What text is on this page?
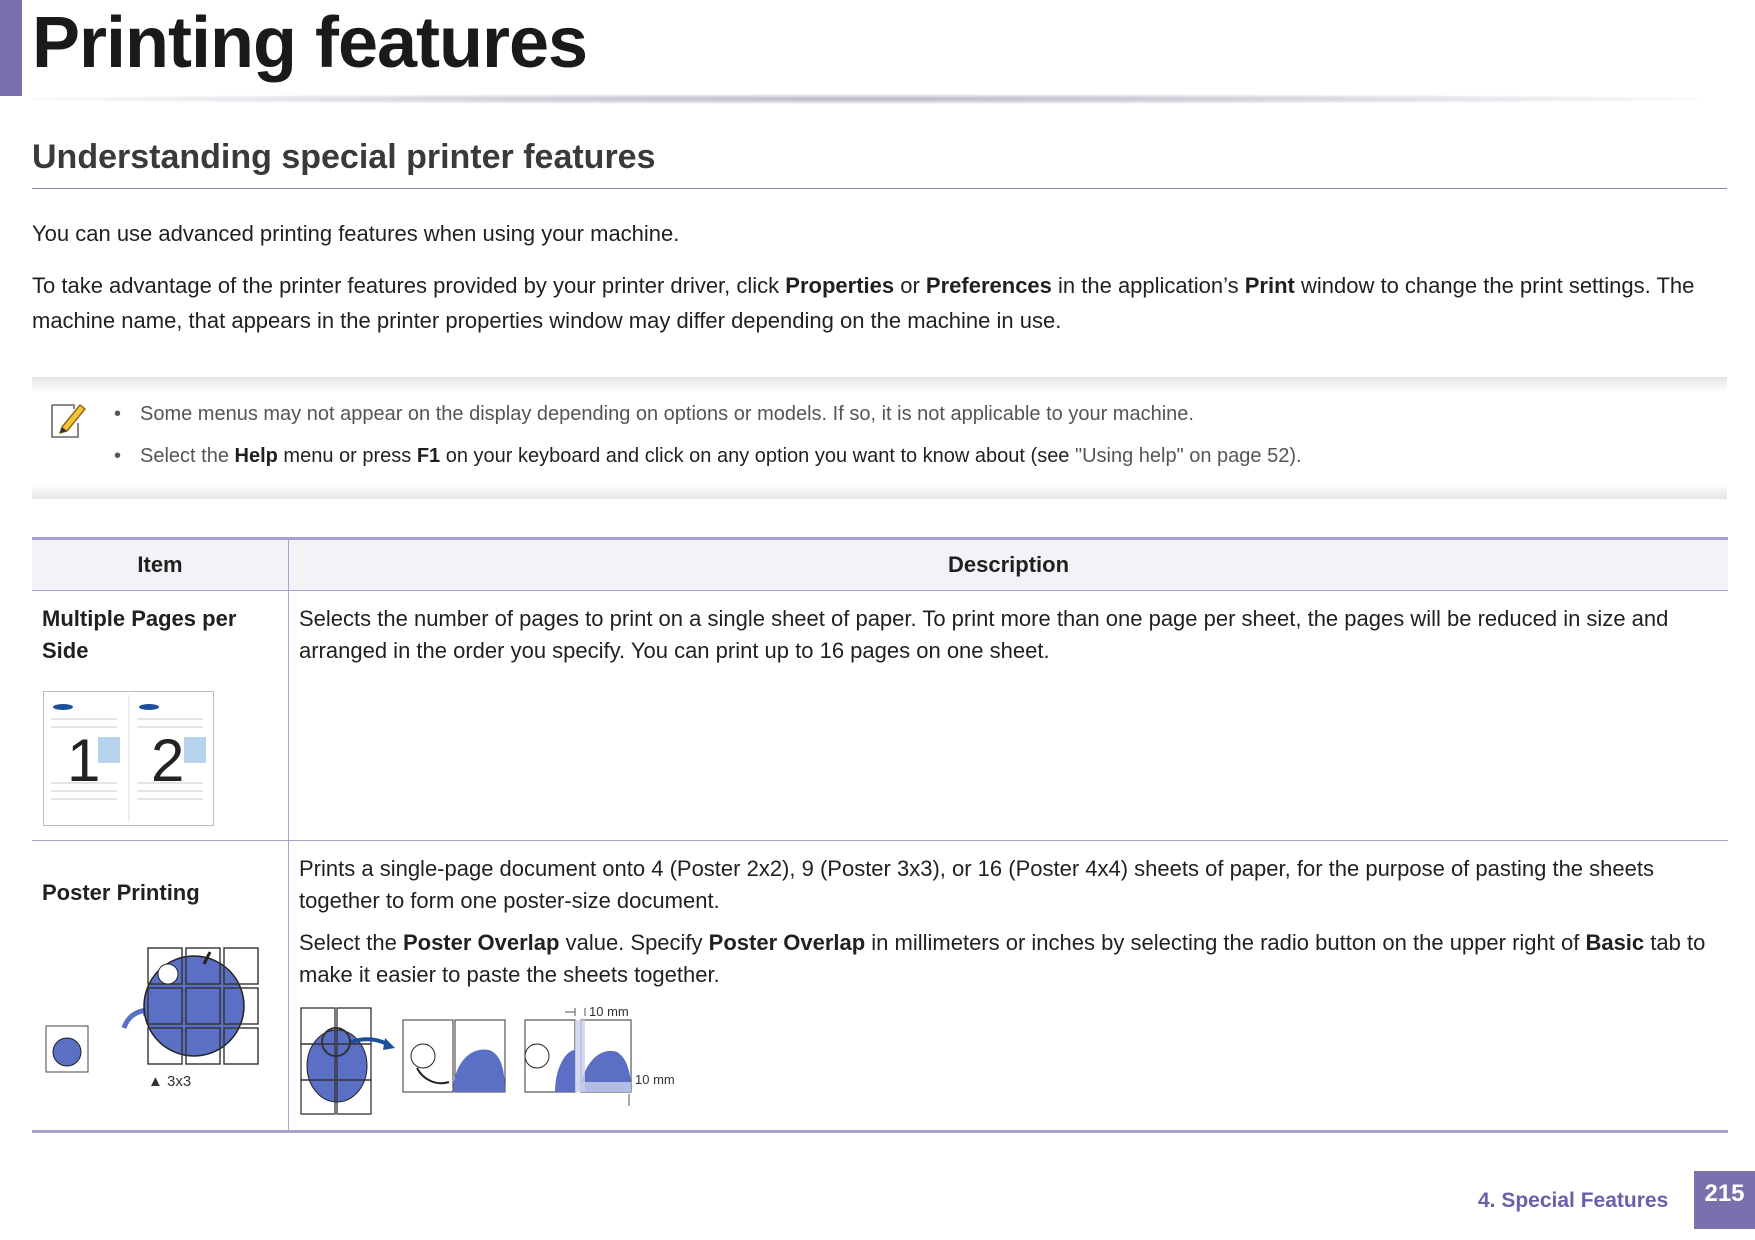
Printing features
Understanding special printer features

You can use advanced printing features when using your machine.

To take advantage of the printer features provided by your printer driver, click Properties or Preferences in the application’s Print window to change the print settings. The machine name, that appears in the printer properties window may differ depending on the machine in use.

• Some menus may not appear on the display depending on options or models. If so, it is not applicable to your machine.
• Select the Help menu or press F1 on your keyboard and click on any option you want to know about (see "Using help" on page 52).
Item	Description
Multiple Pages per Side
1 2
Selects the number of pages to print on a single sheet of paper. To print more than one page per sheet, the pages will be reduced in size and arranged in the order you specify. You can print up to 16 pages on one sheet.
Poster Printing
▲ 3x3
Prints a single-page document onto 4 (Poster 2x2), 9 (Poster 3x3), or 16 (Poster 4x4) sheets of paper, for the purpose of pasting the sheets together to form one poster-size document.
Select the Poster Overlap value. Specify Poster Overlap in millimeters or inches by selecting the radio button on the upper right of Basic tab to make it easier to paste the sheets together.
10 mm
10 mm
4. Special Features	215
